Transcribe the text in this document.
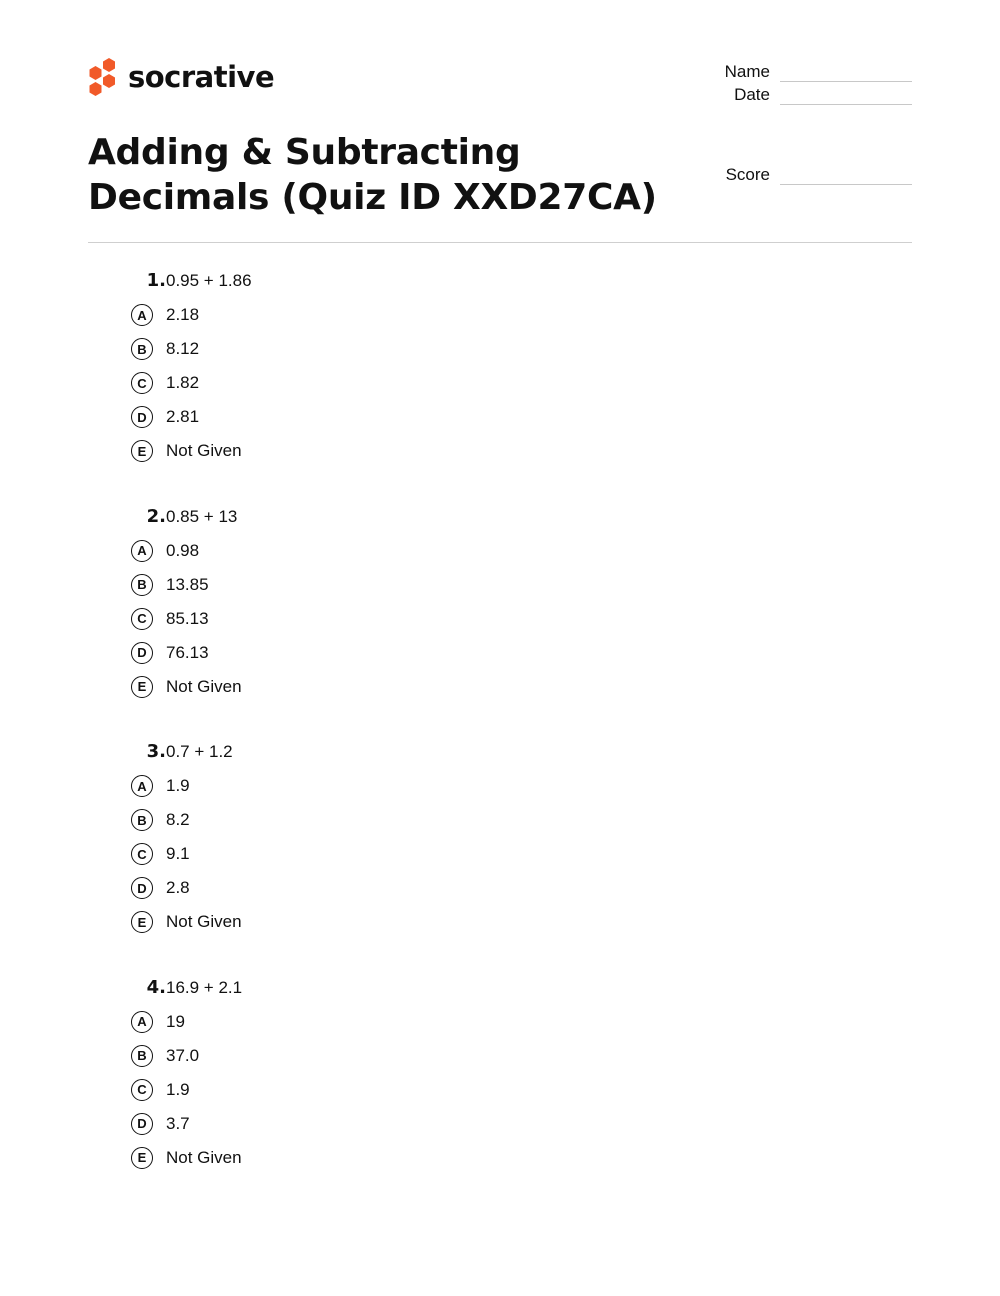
socrative
Adding & Subtracting Decimals (Quiz ID XXD27CA)
Name
Date
Score
1. 0.95 + 1.86
A	2.18
B	8.12
C	1.82
D	2.81
E	Not Given
2. 0.85 + 13
A	0.98
B	13.85
C	85.13
D	76.13
E	Not Given
3. 0.7 + 1.2
A	1.9
B	8.2
C	9.1
D	2.8
E	Not Given
4. 16.9 + 2.1
A	19
B	37.0
C	1.9
D	3.7
E	Not Given
